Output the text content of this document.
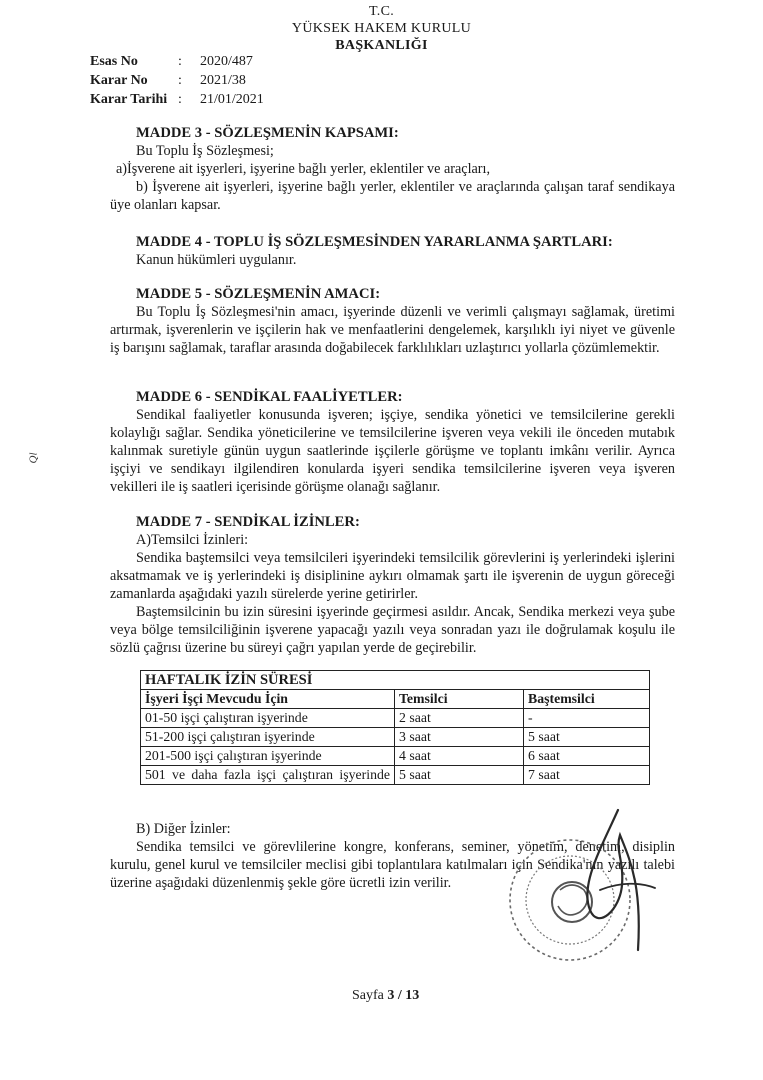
T.C.
YÜKSEK HAKEM KURULU
BAŞKANLIĞI
Esas No	:	2020/487
Karar No	:	2021/38
Karar Tarihi :	21/01/2021
MADDE 3 - SÖZLEŞMENİN KAPSAMI:
Bu Toplu İş Sözleşmesi;
a)İşverene ait işyerleri, işyerine bağlı yerler, eklentiler ve araçları,
b) İşverene ait işyerleri, işyerine bağlı yerler, eklentiler ve araçlarında çalışan taraf sendikaya üye olanları kapsar.
MADDE 4 - TOPLU İŞ SÖZLEŞMESİNDEN YARARLANMA ŞARTLARI:
Kanun hükümleri uygulanır.
MADDE 5 - SÖZLEŞMENİN AMACI:
Bu Toplu İş Sözleşmesi'nin amacı, işyerinde düzenli ve verimli çalışmayı sağlamak, üretimi artırmak, işverenlerin ve işçilerin hak ve menfaatlerini dengelemek, karşılıklı iyi niyet ve güvenle iş barışını sağlamak, taraflar arasında doğabilecek farklılıkları uzlaştırıcı yollarla çözümlemektir.
MADDE 6 - SENDİKAL FAALİYETLER:
Sendikal faaliyetler konusunda işveren; işçiye, sendika yönetici ve temsilcilerine gerekli kolaylığı sağlar. Sendika yöneticilerine ve temsilcilerine işveren veya vekili ile önceden mutabık kalınmak suretiyle günün uygun saatlerinde işçilerle görüşme ve toplantı imkânı verilir. Ayrıca işçiyi ve sendikayı ilgilendiren konularda işyeri sendika temsilcilerine işveren veya işveren vekilleri ile iş saatleri içerisinde görüşme olanağı sağlanır.
MADDE 7 - SENDİKAL İZİNLER:
A)Temsilci İzinleri:
Sendika baştemsilci veya temsilcileri işyerindeki temsilcilik görevlerini iş yerlerindeki işlerini aksatmamak ve iş yerlerindeki iş disiplinine aykırı olmamak şartı ile işverenin de uygun göreceği zamanlarda aşağıdaki yazılı sürelerde yerine getirirler.
Baştemsilcinin bu izin süresini işyerinde geçirmesi asıldır. Ancak, Sendika merkezi veya şube veya bölge temsilciliğinin işverene yapacağı yazılı veya sonradan yazı ile doğrulamak koşulu ile sözlü çağrısı üzerine bu süreyi çağrı yapılan yerde de geçirebilir.
HAFTALIK İZİN SÜRESİ		
İşyeri İşçi Mevcudu İçin	Temsilci	Baştemsilci
01-50 işçi çalıştıran işyerinde	2 saat	-
51-200 işçi çalıştıran işyerinde	3 saat	5 saat
201-500 işçi çalıştıran işyerinde	4 saat	6 saat
501 ve daha fazla işçi çalıştıran işyerinde	5 saat	7 saat
B) Diğer İzinler:
Sendika temsilci ve görevlilerine kongre, konferans, seminer, yönetim, denetim, disiplin kurulu, genel kurul ve temsilciler meclisi gibi toplantılara katılmaları için Sendika'nın yazılı talebi üzerine aşağıdaki düzenlenmiş şekle göre ücretli izin verilir.
Ql
Sayfa 3 / 13
